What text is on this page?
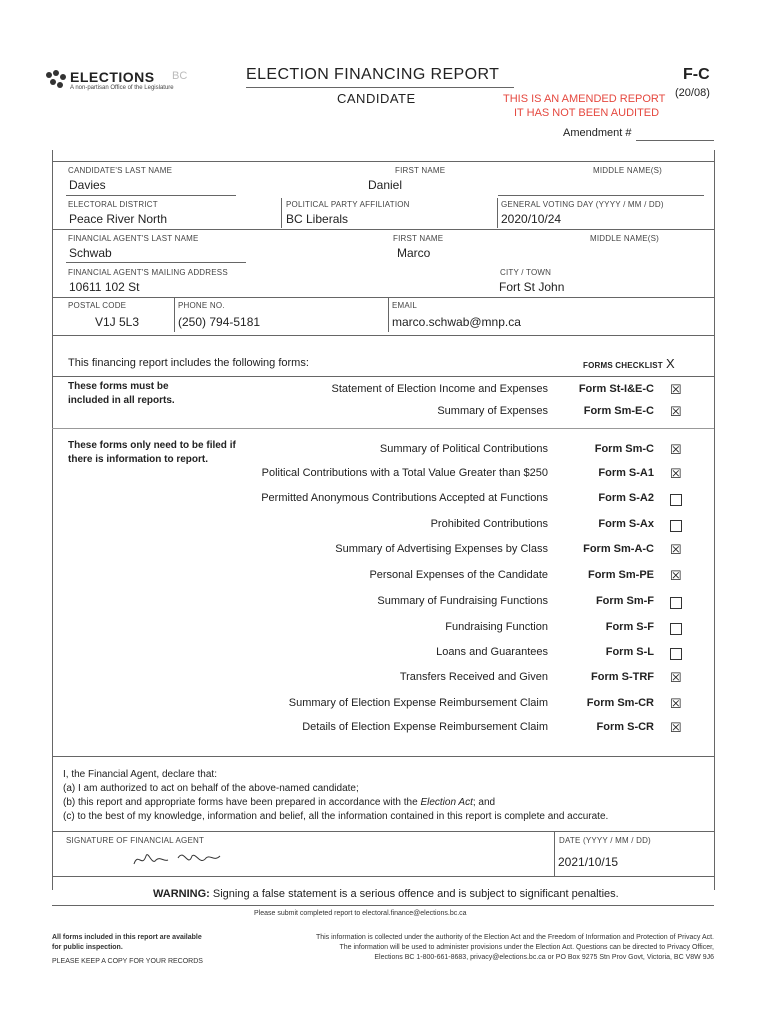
ELECTIONS BC
A non-partisan Office of the Legislature
ELECTION FINANCING REPORT
CANDIDATE
F-C
(20/08)
THIS IS AN AMENDED REPORT
IT HAS NOT BEEN AUDITED
Amendment #
CANDIDATE'S LAST NAME
Davies
FIRST NAME
Daniel
MIDDLE NAME(S)
ELECTORAL DISTRICT
Peace River North
POLITICAL PARTY AFFILIATION
BC Liberals
GENERAL VOTING DAY (YYYY / MM / DD)
2020/10/24
FINANCIAL AGENT'S LAST NAME
Schwab
FIRST NAME
Marco
MIDDLE NAME(S)
FINANCIAL AGENT'S MAILING ADDRESS
10611 102 St
CITY / TOWN
Fort St John
POSTAL CODE
V1J 5L3
PHONE NO.
(250) 794-5181
EMAIL
marco.schwab@mnp.ca
This financing report includes the following forms:	FORMS CHECKLIST X
These forms must be included in all reports.
These forms only need to be filed if there is information to report.
Statement of Election Income and Expenses	Form St-I&E-C ☒
Summary of Expenses	Form Sm-E-C ☒
Summary of Political Contributions	Form Sm-C ☒
Political Contributions with a Total Value Greater than $250	Form S-A1 ☒
Permitted Anonymous Contributions Accepted at Functions	Form S-A2
Prohibited Contributions	Form S-Ax
Summary of Advertising Expenses by Class	Form Sm-A-C ☒
Personal Expenses of the Candidate	Form Sm-PE ☒
Summary of Fundraising Functions	Form Sm-F
Fundraising Function	Form S-F
Loans and Guarantees	Form S-L
Transfers Received and Given	Form S-TRF ☒
Summary of Election Expense Reimbursement Claim	Form Sm-CR ☒
Details of Election Expense Reimbursement Claim	Form S-CR ☒
I, the Financial Agent, declare that:
(a) I am authorized to act on behalf of the above-named candidate;
(b) this report and appropriate forms have been prepared in accordance with the Election Act; and
(c) to the best of my knowledge, information and belief, all the information contained in this report is complete and accurate.
SIGNATURE OF FINANCIAL AGENT	DATE (YYYY / MM / DD)
2021/10/15
WARNING: Signing a false statement is a serious offence and is subject to significant penalties.
Please submit completed report to electoral.finance@elections.bc.ca
All forms included in this report are available
for public inspection.
PLEASE KEEP A COPY FOR YOUR RECORDS
This information is collected under the authority of the Election Act and the Freedom of Information and Protection of Privacy Act.
The information will be used to administer provisions under the Election Act. Questions can be directed to Privacy Officer,
Elections BC 1-800-661-8683, privacy@elections.bc.ca or PO Box 9275 Stn Prov Govt, Victoria, BC V8W 9J6
